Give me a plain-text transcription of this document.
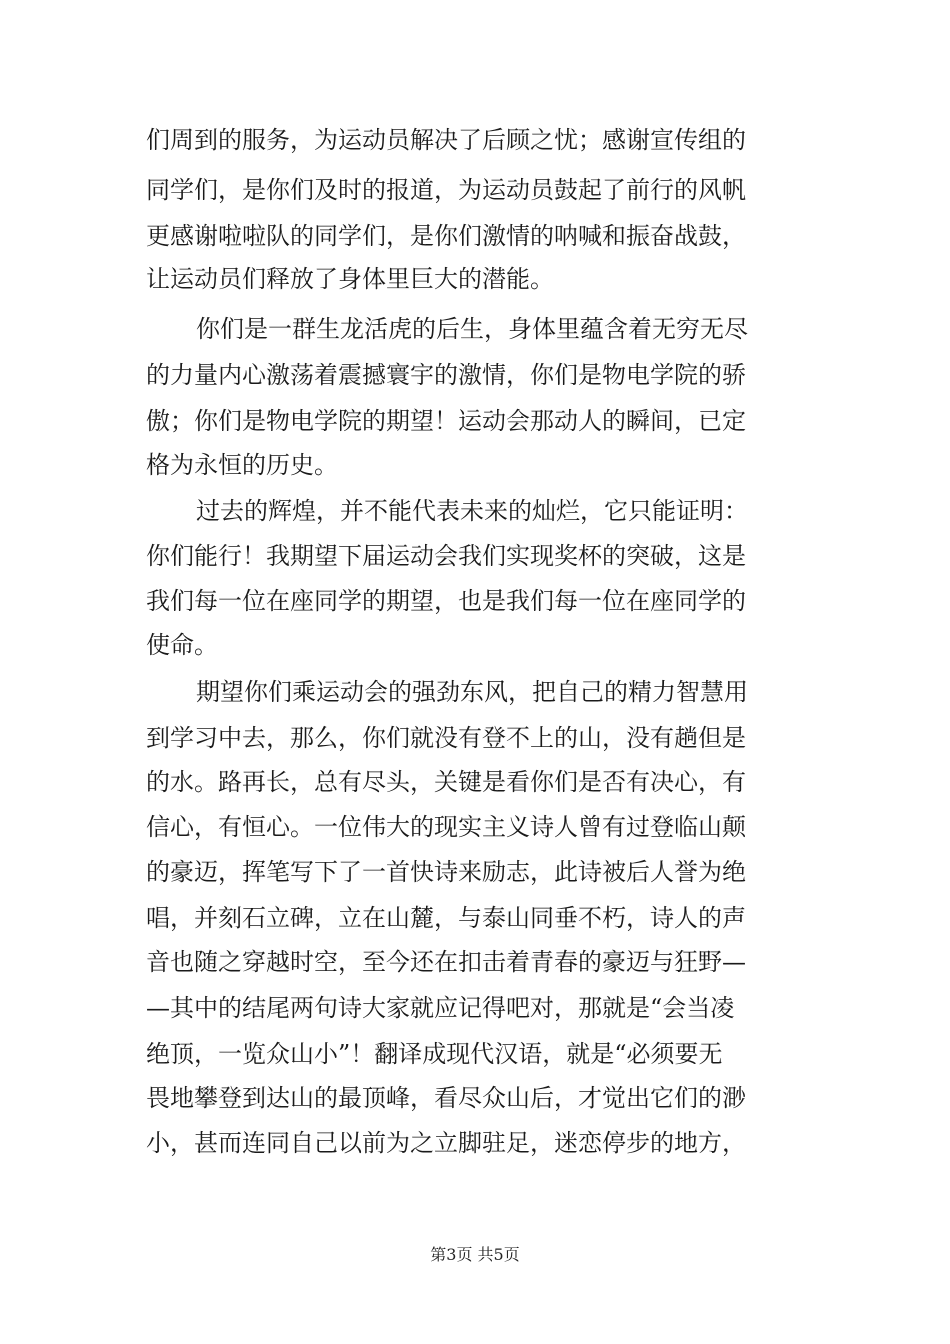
们周到的服务，为运动员解决了后顾之忧；感谢宣传组的
同学们，是你们及时的报道，为运动员鼓起了前行的风帆
更感谢啦啦队的同学们，是你们激情的呐喊和振奋战鼓，
让运动员们释放了身体里巨大的潜能。
你们是一群生龙活虎的后生，身体里蕴含着无穷无尽
的力量内心激荡着震撼寰宇的激情，你们是物电学院的骄
傲；你们是物电学院的期望！运动会那动人的瞬间，已定
格为永恒的历史。
过去的辉煌，并不能代表未来的灿烂，它只能证明：
你们能行！我期望下届运动会我们实现奖杯的突破，这是
我们每一位在座同学的期望，也是我们每一位在座同学的
使命。
期望你们乘运动会的强劲东风，把自己的精力智慧用
到学习中去，那么，你们就没有登不上的山，没有趟但是
的水。路再长，总有尽头，关键是看你们是否有决心，有
信心，有恒心。一位伟大的现实主义诗人曾有过登临山颠
的豪迈，挥笔写下了一首快诗来励志，此诗被后人誉为绝
唱，并刻石立碑，立在山麓，与泰山同垂不朽，诗人的声
音也随之穿越时空，至今还在扣击着青春的豪迈与狂野—
—其中的结尾两句诗大家就应记得吧对，那就是“会当凌
绝顶，一览众山小”！翻译成现代汉语，就是“必须要无
畏地攀登到达山的最顶峰，看尽众山后，才觉出它们的渺
小，甚而连同自己以前为之立脚驻足，迷恋停步的地方，
第3页 共5页
